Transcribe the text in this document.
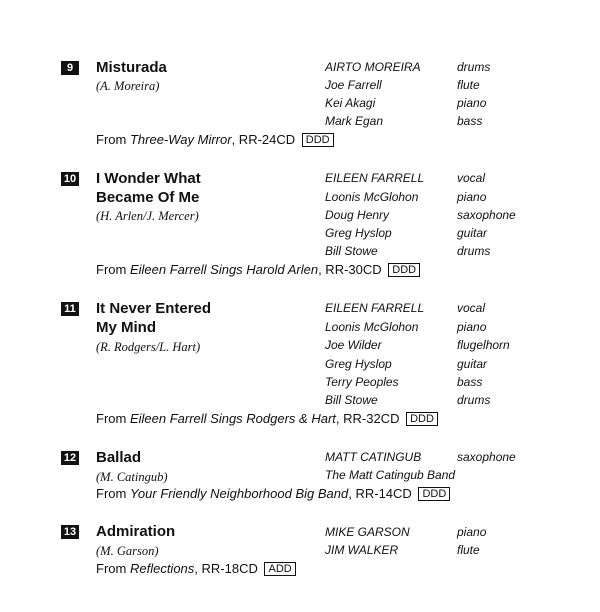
9	Misturada
(A. Moreira)
AIRTO MOREIRA	drums
Joe Farrell	flute
Kei Akagi	piano
Mark Egan	bass
From Three-Way Mirror, RR-24CD DDD
10 I Wonder What
Became Of Me
(H. Arlen/J. Mercer)
EILEEN FARRELL	vocal
Loonis McGlohon	piano
Doug Henry	saxophone
Greg Hyslop	guitar
Bill Stowe	drums
From Eileen Farrell Sings Harold Arlen, RR-30CD DDD
11 It Never Entered
My Mind
(R. Rodgers/L. Hart)
EILEEN FARRELL	vocal
Loonis McGlohon	piano
Joe Wilder	flugelhorn
Greg Hyslop	guitar
Terry Peoples	bass
Bill Stowe	drums
From Eileen Farrell Sings Rodgers & Hart, RR-32CD DDD
12 Ballad
(M. Catingub)
MATT CATINGUB	saxophone
The Matt Catingub Band
From Your Friendly Neighborhood Big Band, RR-14CD DDD
13 Admiration
(M. Garson)
MIKE GARSON	piano
JIM WALKER	flute
From Reflections, RR-18CD ADD
